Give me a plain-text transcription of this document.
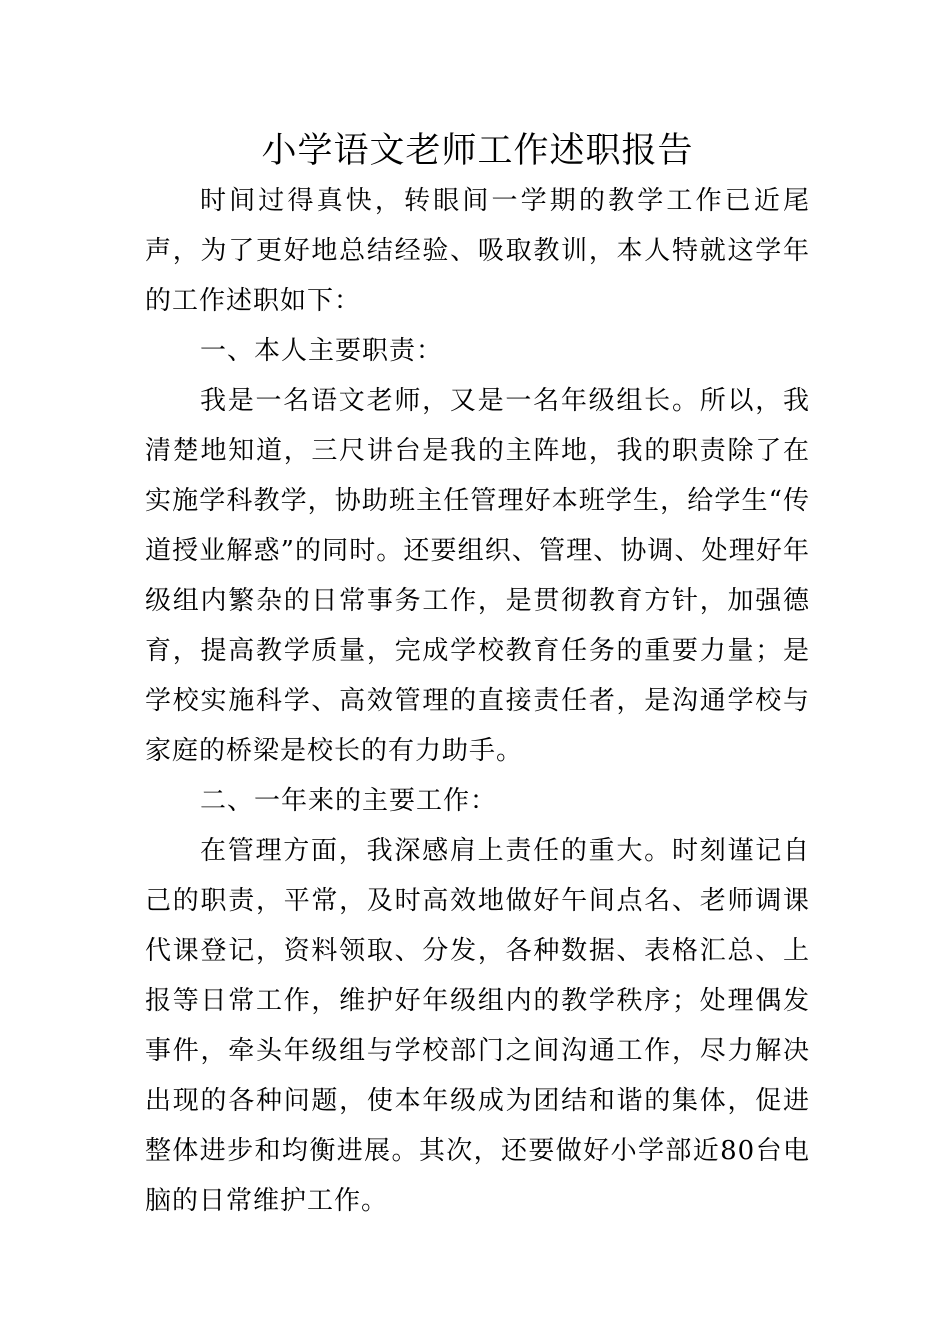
小学语文老师工作述职报告

时间过得真快，转眼间一学期的教学工作已近尾声，为了更好地总结经验、吸取教训，本人特就这学年的工作述职如下：

一、本人主要职责：

我是一名语文老师，又是一名年级组长。所以，我清楚地知道，三尺讲台是我的主阵地，我的职责除了在实施学科教学，协助班主任管理好本班学生，给学生“传道授业解惑”的同时。还要组织、管理、协调、处理好年级组内繁杂的日常事务工作，是贯彻教育方针，加强德育，提高教学质量，完成学校教育任务的重要力量；是学校实施科学、高效管理的直接责任者，是沟通学校与家庭的桥梁是校长的有力助手。

二、一年来的主要工作：

在管理方面，我深感肩上责任的重大。时刻谨记自己的职责，平常，及时高效地做好午间点名、老师调课代课登记，资料领取、分发，各种数据、表格汇总、上报等日常工作，维护好年级组内的教学秩序；处理偶发事件，牵头年级组与学校部门之间沟通工作，尽力解决出现的各种问题，使本年级成为团结和谐的集体，促进整体进步和均衡进展。其次，还要做好小学部近80台电脑的日常维护工作。
